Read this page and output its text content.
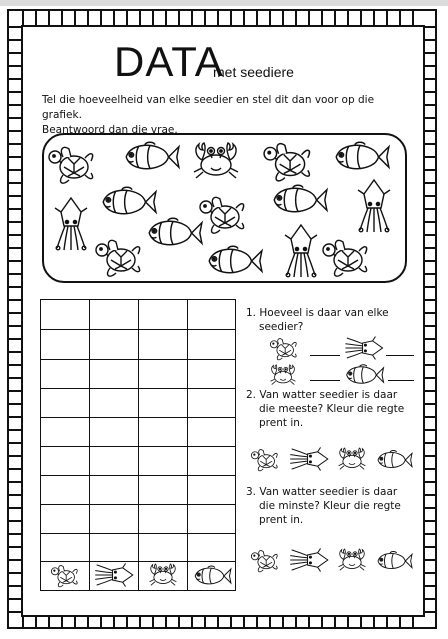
DATA
met seediere
Tel die hoeveelheid van elke seedier en stel dit dan voor op die grafiek.
Beantwoord dan die vrae.
1. Hoeveel is daar van elke
seedier?
2. Van watter seedier is daar
die meeste? Kleur die regte
prent in.
3. Van watter seedier is daar
die minste? Kleur die regte
prent in.
